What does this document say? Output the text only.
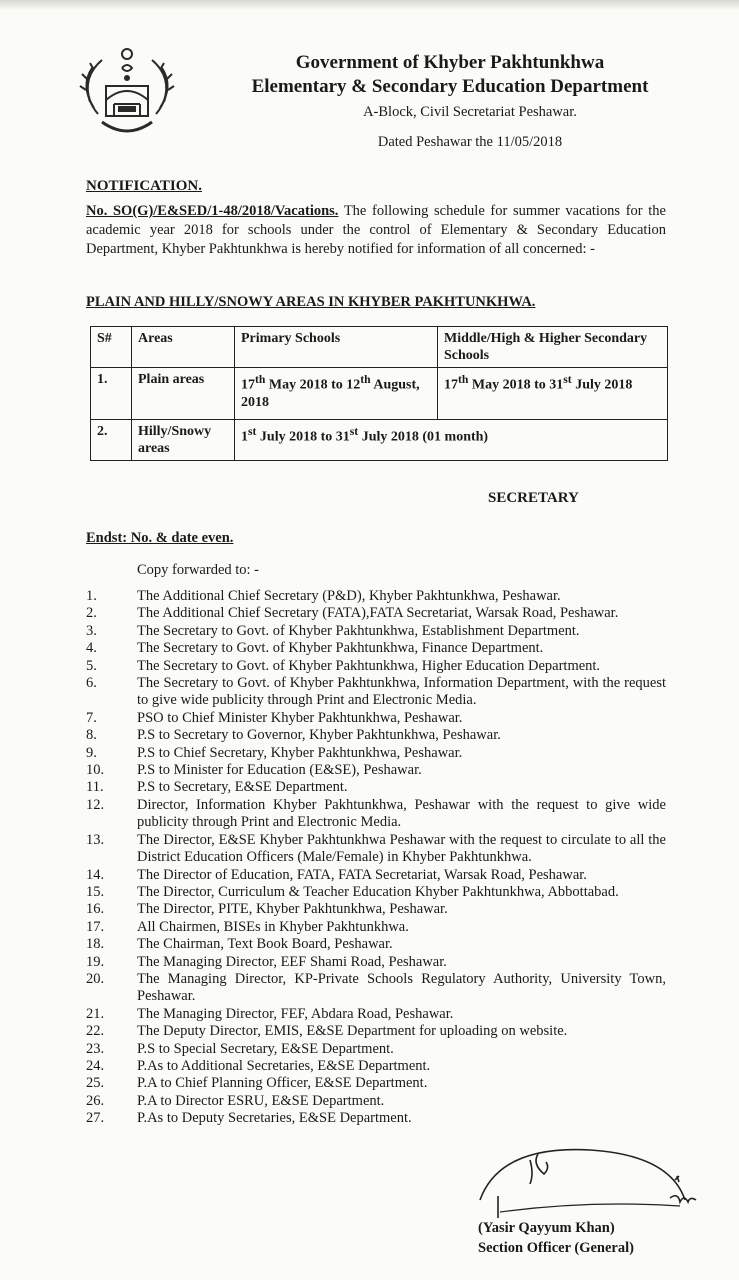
Government of Khyber Pakhtunkhwa
Elementary & Secondary Education Department
A-Block, Civil Secretariat Peshawar.
Dated Peshawar the 11/05/2018
NOTIFICATION.
No. SO(G)/E&SED/1-48/2018/Vacations. The following schedule for summer vacations for the academic year 2018 for schools under the control of Elementary & Secondary Education Department, Khyber Pakhtunkhwa is hereby notified for information of all concerned: -
PLAIN AND HILLY/SNOWY AREAS IN KHYBER PAKHTUNKHWA.
S#	Areas	Primary Schools	Middle/High & Higher Secondary Schools
1.	Plain areas	17th May 2018 to 12th August, 2018	17th May 2018 to 31st July 2018
2.	Hilly/Snowy areas	1st July 2018 to 31st July 2018 (01 month)	
SECRETARY
Endst: No. & date even.
Copy forwarded to: -
1.	The Additional Chief Secretary (P&D), Khyber Pakhtunkhwa, Peshawar.
2.	The Additional Chief Secretary (FATA),FATA Secretariat, Warsak Road, Peshawar.
3.	The Secretary to Govt. of Khyber Pakhtunkhwa, Establishment Department.
4.	The Secretary to Govt. of Khyber Pakhtunkhwa, Finance Department.
5.	The Secretary to Govt. of Khyber Pakhtunkhwa, Higher Education Department.
6.	The Secretary to Govt. of Khyber Pakhtunkhwa, Information Department, with the request to give wide publicity through Print and Electronic Media.
7.	PSO to Chief Minister Khyber Pakhtunkhwa, Peshawar.
8.	P.S to Secretary to Governor, Khyber Pakhtunkhwa, Peshawar.
9.	P.S to Chief Secretary, Khyber Pakhtunkhwa, Peshawar.
10.	P.S to Minister for Education (E&SE), Peshawar.
11.	P.S to Secretary, E&SE Department.
12.	Director, Information Khyber Pakhtunkhwa, Peshawar with the request to give wide publicity through Print and Electronic Media.
13.	The Director, E&SE Khyber Pakhtunkhwa Peshawar with the request to circulate to all the District Education Officers (Male/Female) in Khyber Pakhtunkhwa.
14.	The Director of Education, FATA, FATA Secretariat, Warsak Road, Peshawar.
15.	The Director, Curriculum & Teacher Education Khyber Pakhtunkhwa, Abbottabad.
16.	The Director, PITE, Khyber Pakhtunkhwa, Peshawar.
17.	All Chairmen, BISEs in Khyber Pakhtunkhwa.
18.	The Chairman, Text Book Board, Peshawar.
19.	The Managing Director, EEF Shami Road, Peshawar.
20.	The Managing Director, KP-Private Schools Regulatory Authority, University Town, Peshawar.
21.	The Managing Director, FEF, Abdara Road, Peshawar.
22.	The Deputy Director, EMIS, E&SE Department for uploading on website.
23.	P.S to Special Secretary, E&SE Department.
24.	P.As to Additional Secretaries, E&SE Department.
25.	P.A to Chief Planning Officer, E&SE Department.
26.	P.A to Director ESRU, E&SE Department.
27.	P.As to Deputy Secretaries, E&SE Department.
(Yasir Qayyum Khan)
Section Officer (General)
